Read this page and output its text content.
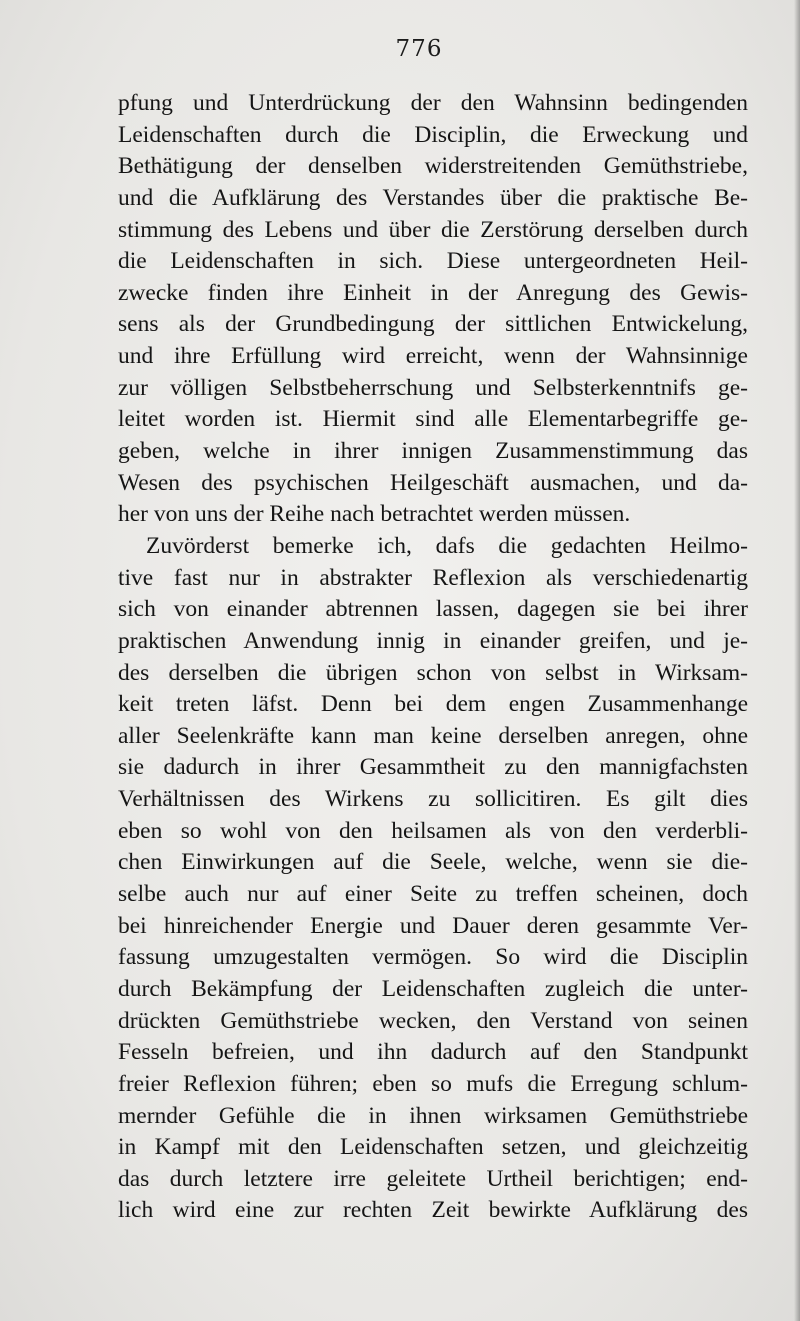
776
pfung und Unterdrückung der den Wahnsinn bedingenden
Leidenschaften durch die Disciplin, die Erweckung und
Bethätigung der denselben widerstreitenden Gemüthstriebe,
und die Aufklärung des Verstandes über die praktische Be-
stimmung des Lebens und über die Zerstörung derselben durch
die Leidenschaften in sich. Diese untergeordneten Heil-
zwecke finden ihre Einheit in der Anregung des Gewis-
sens als der Grundbedingung der sittlichen Entwickelung,
und ihre Erfüllung wird erreicht, wenn der Wahnsinnige
zur völligen Selbstbeherrschung und Selbsterkenntnifs ge-
leitet worden ist. Hiermit sind alle Elementarbegriffe ge-
geben, welche in ihrer innigen Zusammenstimmung das
Wesen des psychischen Heilgeschäft ausmachen, und da-
her von uns der Reihe nach betrachtet werden müssen.
Zuvörderst bemerke ich, dafs die gedachten Heilmo-
tive fast nur in abstrakter Reflexion als verschiedenartig
sich von einander abtrennen lassen, dagegen sie bei ihrer
praktischen Anwendung innig in einander greifen, und je-
des derselben die übrigen schon von selbst in Wirksam-
keit treten läfst. Denn bei dem engen Zusammenhange
aller Seelenkräfte kann man keine derselben anregen, ohne
sie dadurch in ihrer Gesammtheit zu den mannigfachsten
Verhältnissen des Wirkens zu sollicitiren. Es gilt dies
eben so wohl von den heilsamen als von den verderbli-
chen Einwirkungen auf die Seele, welche, wenn sie die-
selbe auch nur auf einer Seite zu treffen scheinen, doch
bei hinreichender Energie und Dauer deren gesammte Ver-
fassung umzugestalten vermögen. So wird die Disciplin
durch Bekämpfung der Leidenschaften zugleich die unter-
drückten Gemüthstriebe wecken, den Verstand von seinen
Fesseln befreien, und ihn dadurch auf den Standpunkt
freier Reflexion führen; eben so mufs die Erregung schlum-
mernder Gefühle die in ihnen wirksamen Gemüthstriebe
in Kampf mit den Leidenschaften setzen, und gleichzeitig
das durch letztere irre geleitete Urtheil berichtigen; end-
lich wird eine zur rechten Zeit bewirkte Aufklärung des
